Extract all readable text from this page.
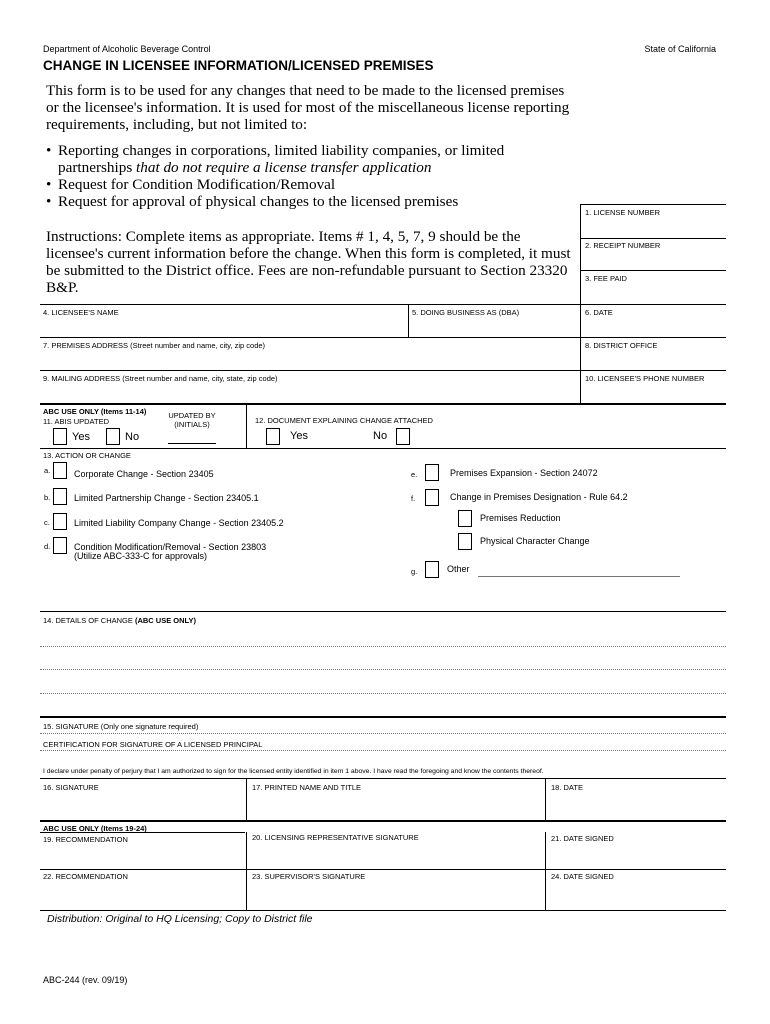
Department of Alcoholic Beverage Control	State of California
CHANGE IN LICENSEE INFORMATION/LICENSED PREMISES
This form is to be used for any changes that need to be made to the licensed premises or the licensee's information. It is used for most of the miscellaneous license reporting requirements, including, but not limited to:
• Reporting changes in corporations, limited liability companies, or limited partnerships that do not require a license transfer application
• Request for Condition Modification/Removal
• Request for approval of physical changes to the licensed premises
Instructions: Complete items as appropriate. Items # 1, 4, 5, 7, 9 should be the licensee's current information before the change. When this form is completed, it must be submitted to the District office. Fees are non-refundable pursuant to Section 23320 B&P.
1. LICENSE NUMBER
2. RECEIPT NUMBER
3. FEE PAID
4. LICENSEE'S NAME	5. DOING BUSINESS AS (DBA)	6. DATE
7. PREMISES ADDRESS (Street number and name, city, zip code)	8. DISTRICT OFFICE
9. MAILING ADDRESS (Street number and name, city, state, zip code)	10. LICENSEE'S PHONE NUMBER
ABC USE ONLY (Items 11-14)
11. ABIS UPDATED
UPDATED BY
(INITIALS)	12. DOCUMENT EXPLAINING CHANGE ATTACHED
Yes	No	Yes	No
13. ACTION OR CHANGE
a.	Corporate Change - Section 23405
b.	Limited Partnership Change - Section 23405.1
c.	Limited Liability Company Change - Section 23405.2
d.	Condition Modification/Removal - Section 23803
(Utilize ABC-333-C for approvals)
e.	Premises Expansion - Section 24072
f.	Change in Premises Designation - Rule 64.2
Premises Reduction
Physical Character Change
g.	Other
14. DETAILS OF CHANGE (ABC USE ONLY)
15. SIGNATURE (Only one signature required)
CERTIFICATION FOR SIGNATURE OF A LICENSED PRINCIPAL
I declare under penalty of perjury that I am authorized to sign for the licensed entity identified in item 1 above. I have read the foregoing and know the contents thereof.
16. SIGNATURE	17. PRINTED NAME AND TITLE	18. DATE
ABC USE ONLY (Items 19-24)
19. RECOMMENDATION	20. LICENSING REPRESENTATIVE SIGNATURE	21. DATE SIGNED
22. RECOMMENDATION	23. SUPERVISOR'S SIGNATURE	24. DATE SIGNED
Distribution: Original to HQ Licensing; Copy to District file
ABC-244 (rev. 09/19)
